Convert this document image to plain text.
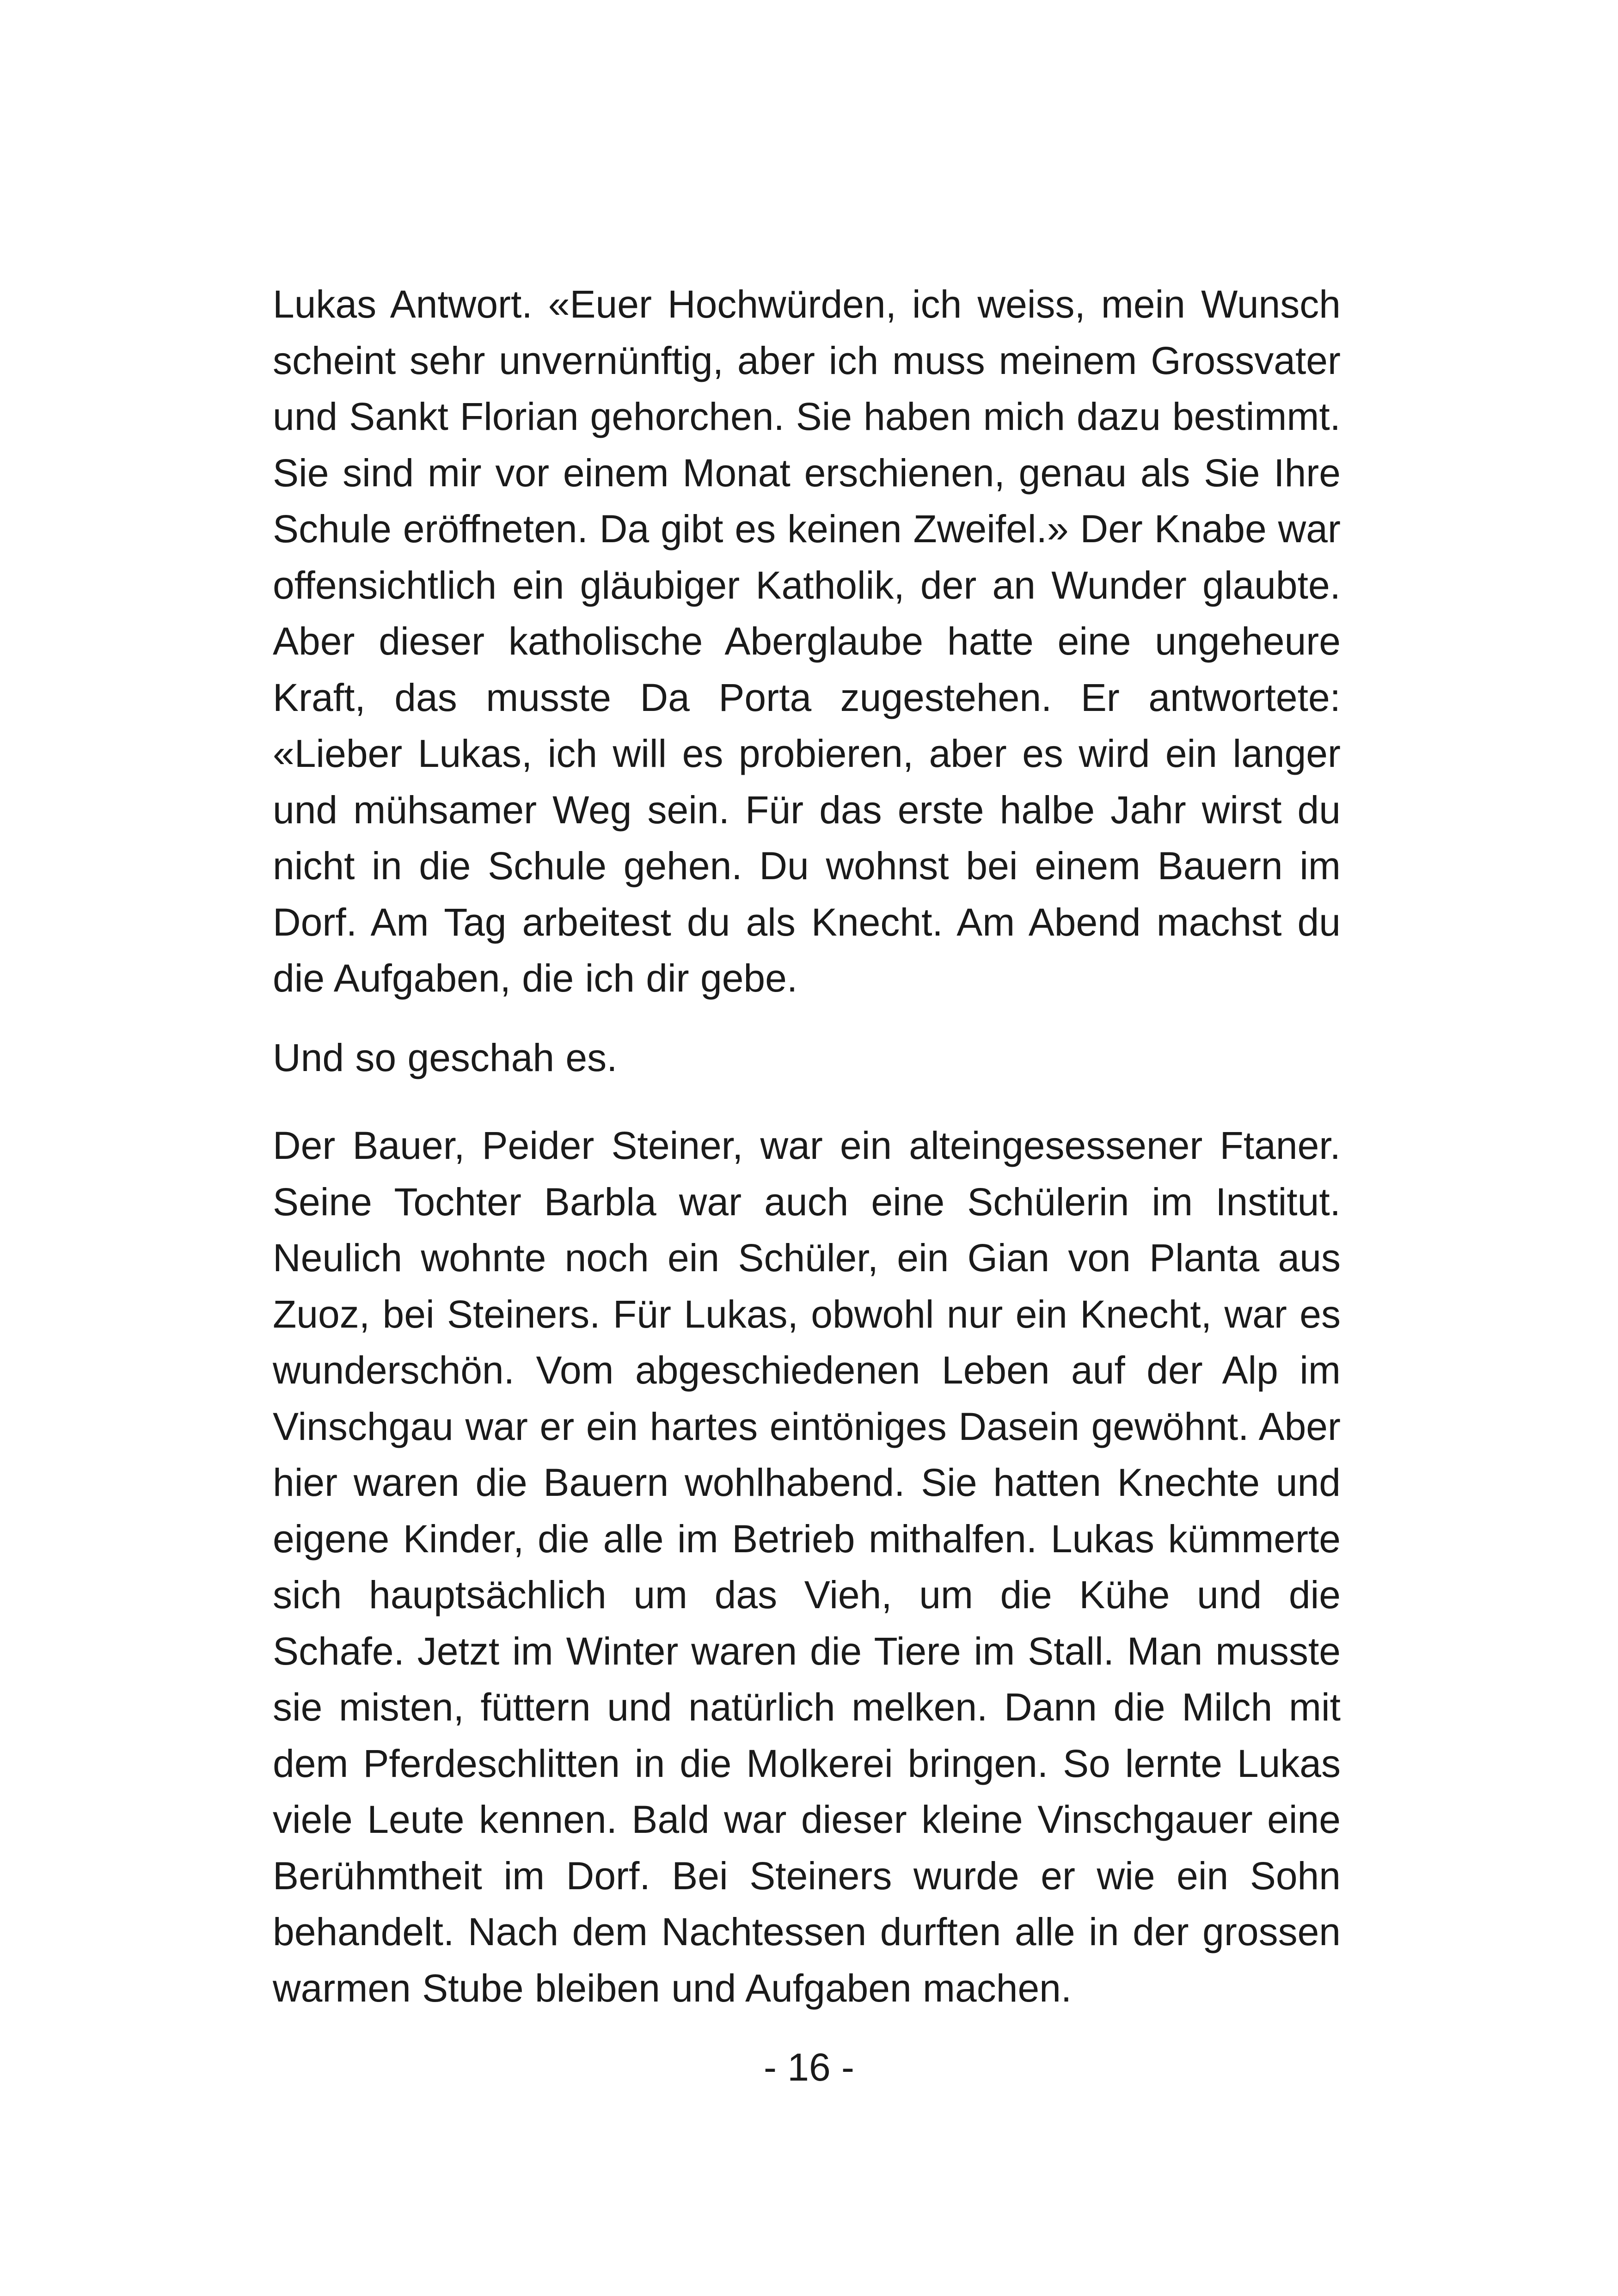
Lukas Antwort. «Euer Hochwürden, ich weiss, mein Wunsch scheint sehr unvernünftig, aber ich muss meinem Grossvater und Sankt Florian gehorchen. Sie haben mich dazu bestimmt. Sie sind mir vor einem Monat erschienen, genau als Sie Ihre Schule eröffneten. Da gibt es keinen Zweifel.» Der Knabe war offensichtlich ein gläubiger Katholik, der an Wunder glaubte. Aber dieser katholische Aberglaube hatte eine ungeheure Kraft, das musste Da Porta zugestehen. Er antwortete: «Lieber Lukas, ich will es probieren, aber es wird ein langer und mühsamer Weg sein. Für das erste halbe Jahr wirst du nicht in die Schule gehen. Du wohnst bei einem Bauern im Dorf. Am Tag arbeitest du als Knecht. Am Abend machst du die Aufgaben, die ich dir gebe.

Und so geschah es.

Der Bauer, Peider Steiner, war ein alteingesessener Ftaner. Seine Tochter Barbla war auch eine Schülerin im Institut. Neulich wohnte noch ein Schüler, ein Gian von Planta aus Zuoz, bei Steiners. Für Lukas, obwohl nur ein Knecht, war es wunderschön. Vom abgeschiedenen Leben auf der Alp im Vinschgau war er ein hartes eintöniges Dasein gewöhnt. Aber hier waren die Bauern wohlhabend. Sie hatten Knechte und eigene Kinder, die alle im Betrieb mithalfen. Lukas kümmerte sich hauptsächlich um das Vieh, um die Kühe und die Schafe. Jetzt im Winter waren die Tiere im Stall. Man musste sie misten, füttern und natürlich melken. Dann die Milch mit dem Pferdeschlitten in die Molkerei bringen. So lernte Lukas viele Leute kennen. Bald war dieser kleine Vinschgauer eine Berühmtheit im Dorf. Bei Steiners wurde er wie ein Sohn behandelt. Nach dem Nachtessen durften alle in der grossen warmen Stube bleiben und Aufgaben machen.

- 16 -
